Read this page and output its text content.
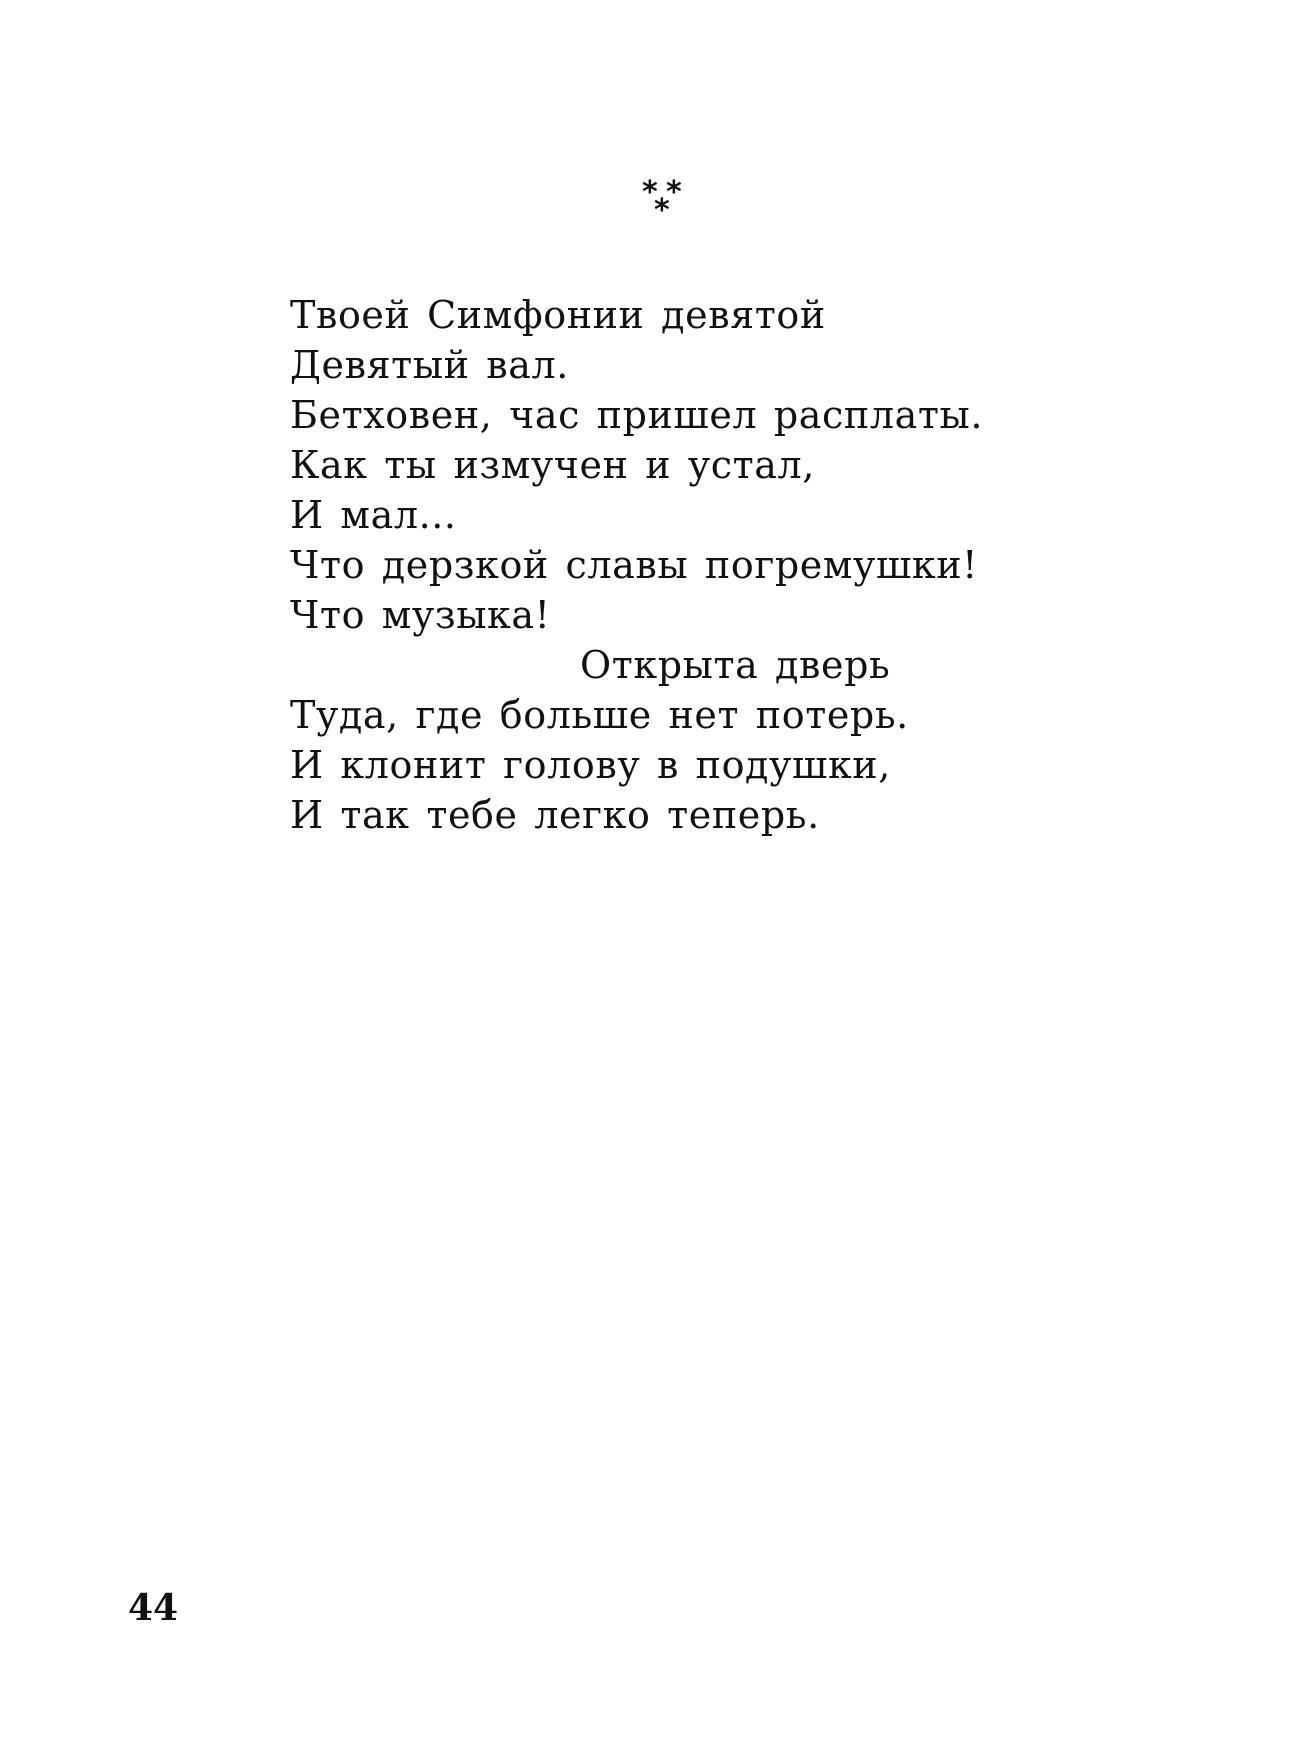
* *
*
Твоей Симфонии девятой
Девятый вал.
Бетховен, час пришел расплаты.
Как ты измучен и устал,
И мал...
Что дерзкой славы погремушки!
Что музыка!
Открыта дверь
Туда, где больше нет потерь.
И клонит голову в подушки,
И так тебе легко теперь.
44
